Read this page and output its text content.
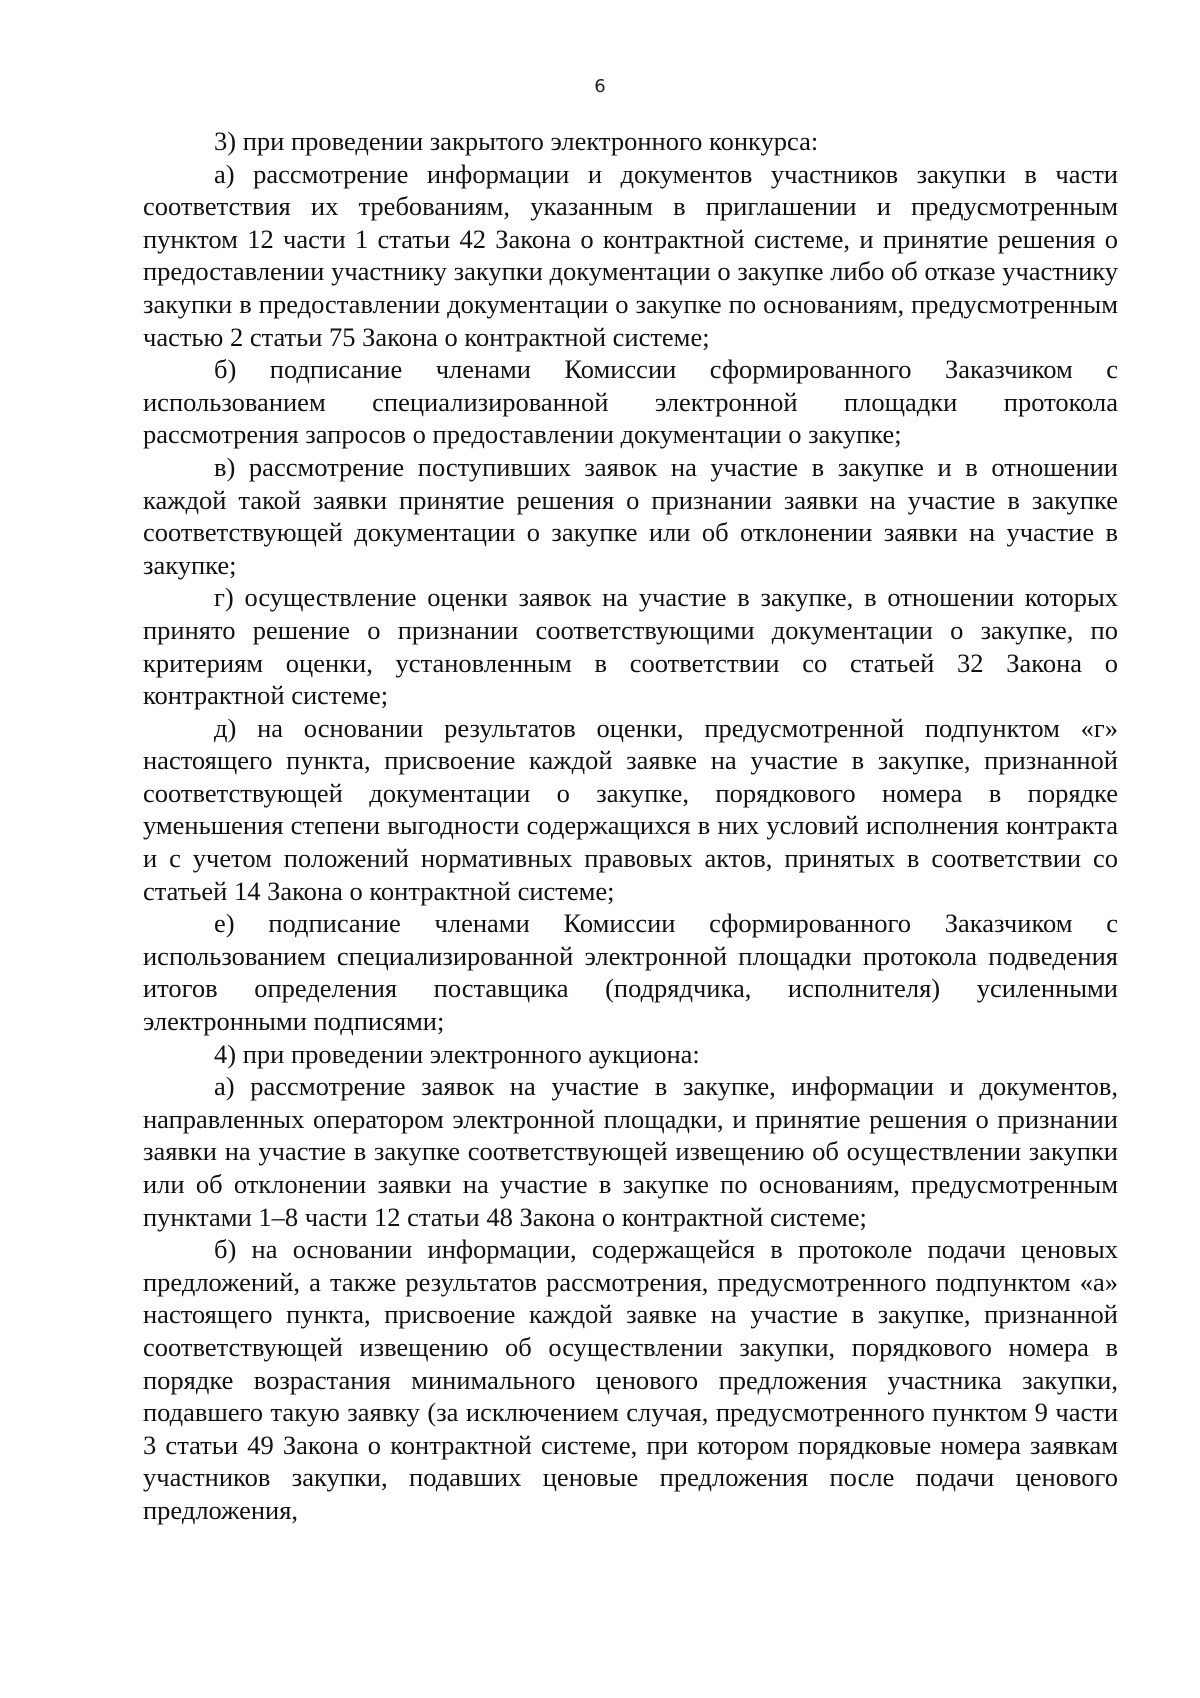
6

3) при проведении закрытого электронного конкурса:

а) рассмотрение информации и документов участников закупки в части соответствия их требованиям, указанным в приглашении и предусмотренным пунктом 12 части 1 статьи 42 Закона о контрактной системе, и принятие решения о предоставлении участнику закупки документации о закупке либо об отказе участнику закупки в предоставлении документации о закупке по основаниям, предусмотренным частью 2 статьи 75 Закона о контрактной системе;

б) подписание членами Комиссии сформированного Заказчиком с использованием специализированной электронной площадки протокола рассмотрения запросов о предоставлении документации о закупке;

в) рассмотрение поступивших заявок на участие в закупке и в отношении каждой такой заявки принятие решения о признании заявки на участие в закупке соответствующей документации о закупке или об отклонении заявки на участие в закупке;

г) осуществление оценки заявок на участие в закупке, в отношении которых принято решение о признании соответствующими документации о закупке, по критериям оценки, установленным в соответствии со статьей 32 Закона о контрактной системе;

д) на основании результатов оценки, предусмотренной подпунктом «г» настоящего пункта, присвоение каждой заявке на участие в закупке, признанной соответствующей документации о закупке, порядкового номера в порядке уменьшения степени выгодности содержащихся в них условий исполнения контракта и с учетом положений нормативных правовых актов, принятых в соответствии со статьей 14 Закона о контрактной системе;

е) подписание членами Комиссии сформированного Заказчиком с использованием специализированной электронной площадки протокола подведения итогов определения поставщика (подрядчика, исполнителя) усиленными электронными подписями;

4) при проведении электронного аукциона:

а) рассмотрение заявок на участие в закупке, информации и документов, направленных оператором электронной площадки, и принятие решения о признании заявки на участие в закупке соответствующей извещению об осуществлении закупки или об отклонении заявки на участие в закупке по основаниям, предусмотренным пунктами 1–8 части 12 статьи 48 Закона о контрактной системе;

б) на основании информации, содержащейся в протоколе подачи ценовых предложений, а также результатов рассмотрения, предусмотренного подпунктом «а» настоящего пункта, присвоение каждой заявке на участие в закупке, признанной соответствующей извещению об осуществлении закупки, порядкового номера в порядке возрастания минимального ценового предложения участника закупки, подавшего такую заявку (за исключением случая, предусмотренного пунктом 9 части 3 статьи 49 Закона о контрактной системе, при котором порядковые номера заявкам участников закупки, подавших ценовые предложения после подачи ценового предложения,
